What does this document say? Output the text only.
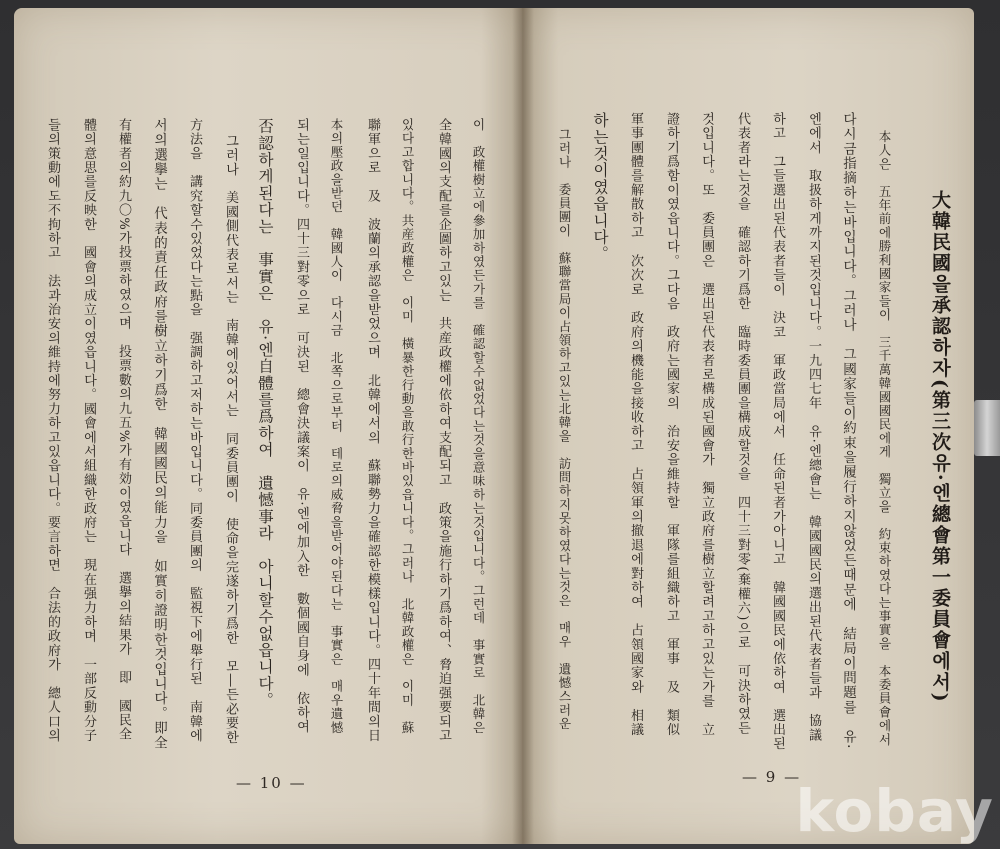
大韓民國을承認하자(第三次유·엔總會第一委員會에서)
本人은　五年前에勝利國家들이　三千萬韓國國民에게　獨立을　約束하였다는事實을　本委員會에서
다시금指摘하는바입니다。그러나　그國家들이約束을履行하지않었든때문에　結局이問題를　유·
엔에서　取扱하게까지된것입니다。一九四七年　유·엔總會는　韓國國民의選出된代表者들과　協議
하고　그들選出된代表者들이　決코　軍政當局에서　任命된者가아니고　韓國國民에依하여　選出된
代表者라는것을　確認하기爲한　臨時委員團을構成할것을　四十三對零(棄權六)으로　可決하였든
것입니다。또　委員團은　選出된代表者로構成된國會가　獨立政府를樹立할려고하고있는가를　立
證하기爲함이였읍니다。그다음　政府는國家의　治安을維持할　軍隊를組織하고　軍事　及　類似
軍事團體를解散하고　次次로　政府의機能을接收하고　占領軍의撤退에對하여　占領國家와　相議
하는것이였읍니다。
그러나　委員團이　蘇聯當局이占領하고있는北韓을　訪問하지못하였다는것은　매우　遺憾스러운
— 9 —
이　政權樹立에參加하였든가를　確認할수없었다는것을意味하는것입니다。그런데　事實로　北韓은
全韓國의支配를企圖하고있는　共産政權에依하여支配되고　政策을施行하기爲하여、脅迫强要되고
있다고합니다。共産政權은　이미　橫暴한行動을敢行한바있읍니다。그러나　北韓政權은　이미　蘇
聯軍으로　及　波蘭의承認을받었으며　北韓에서의　蘇聯勢力을確認한模樣입니다。四十年間의日
本의壓政을받던　韓國人이　다시금　北쪽으로부터　테로의威脅을받어야된다는　事實은　매우遺憾
되는일입니다。四十三對零으로　可決된　總會決議案이　유·엔에加入한　數個國自身에　依하여
否認하게된다는　事實은　유·엔自體를爲하여　遺憾事라　아니할수없읍니다。
그러나　美國側代表로서는　南韓에있어서는　同委員團이　使命을完遂하기爲한　모―든必要한
方法을　講究할수있었다는點을　强調하고저하는바입니다。同委員團의　監視下에舉行된　南韓에
서의選擧는　代表的責任政府를樹立하기爲한　韓國國民의能力을　如實히證明한것입니다。即全
有權者의約九〇%가投票하였으며　投票數의九五%가有効이였읍니다　選擧의結果가　即　國民全
體의意思를反映한　國會의成立이였읍니다。國會에서組織한政府는　現在强力하며　一部反動分子
들의策動에도不拘하고　法과治安의維持에努力하고있읍니다。要言하면　合法的政府가　總人口의
— 10 —	kobay
